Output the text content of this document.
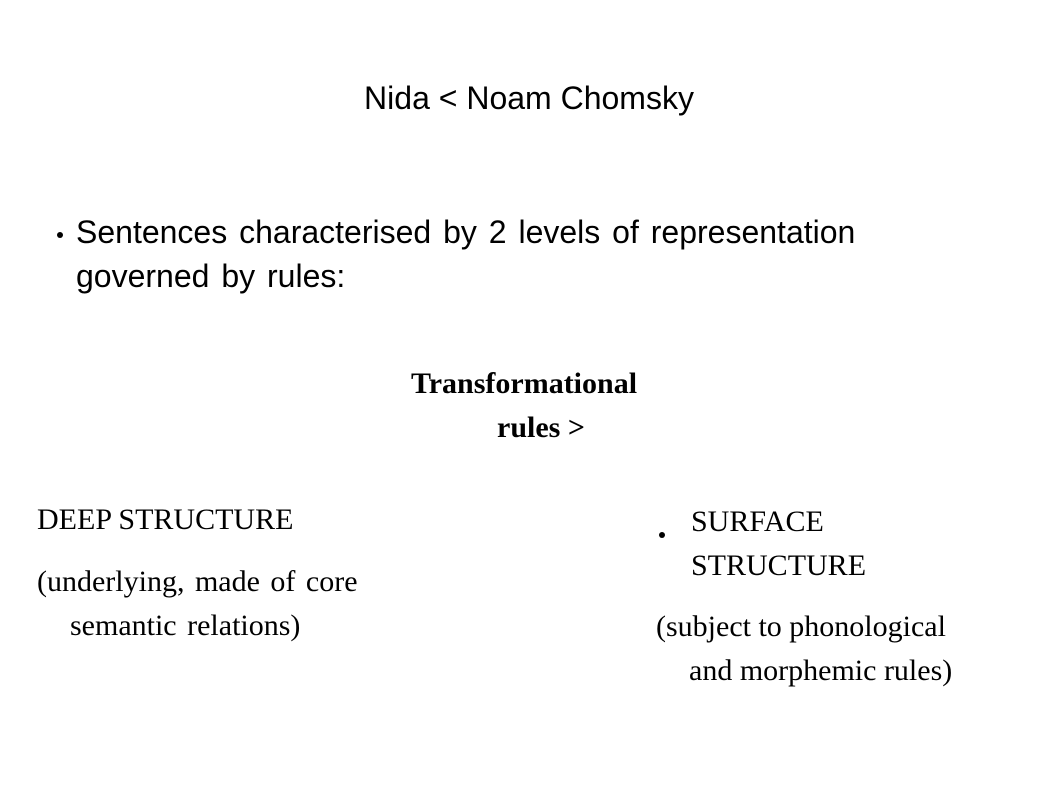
Nida < Noam Chomsky
Sentences characterised by 2 levels of representation
governed by rules:
Transformational
rules >
DEEP STRUCTURE
(underlying, made of core
semantic relations)
SURFACE
STRUCTURE
(subject to phonological
and morphemic rules)
